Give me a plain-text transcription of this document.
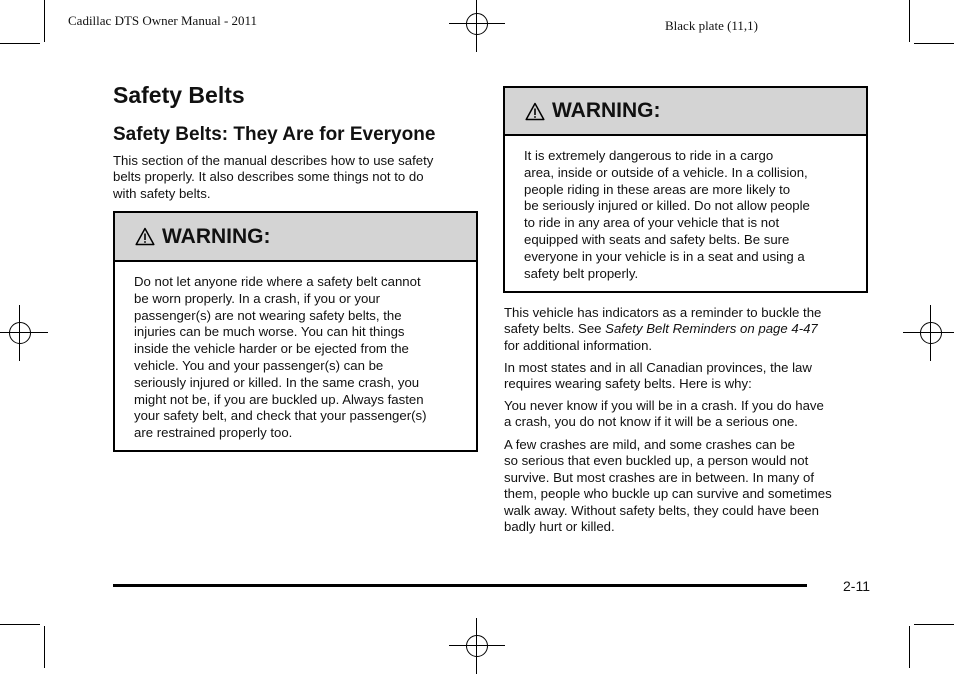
Cadillac DTS Owner Manual - 2011	Black plate (11,1)
Safety Belts
Safety Belts: They Are for Everyone
This section of the manual describes how to use safety
belts properly. It also describes some things not to do
with safety belts.
WARNING:
Do not let anyone ride where a safety belt cannot
be worn properly. In a crash, if you or your
passenger(s) are not wearing safety belts, the
injuries can be much worse. You can hit things
inside the vehicle harder or be ejected from the
vehicle. You and your passenger(s) can be
seriously injured or killed. In the same crash, you
might not be, if you are buckled up. Always fasten
your safety belt, and check that your passenger(s)
are restrained properly too.
WARNING:
It is extremely dangerous to ride in a cargo
area, inside or outside of a vehicle. In a collision,
people riding in these areas are more likely to
be seriously injured or killed. Do not allow people
to ride in any area of your vehicle that is not
equipped with seats and safety belts. Be sure
everyone in your vehicle is in a seat and using a
safety belt properly.
This vehicle has indicators as a reminder to buckle the
safety belts. See Safety Belt Reminders on page 4-47
for additional information.
In most states and in all Canadian provinces, the law
requires wearing safety belts. Here is why:
You never know if you will be in a crash. If you do have
a crash, you do not know if it will be a serious one.
A few crashes are mild, and some crashes can be
so serious that even buckled up, a person would not
survive. But most crashes are in between. In many of
them, people who buckle up can survive and sometimes
walk away. Without safety belts, they could have been
badly hurt or killed.
2-11
